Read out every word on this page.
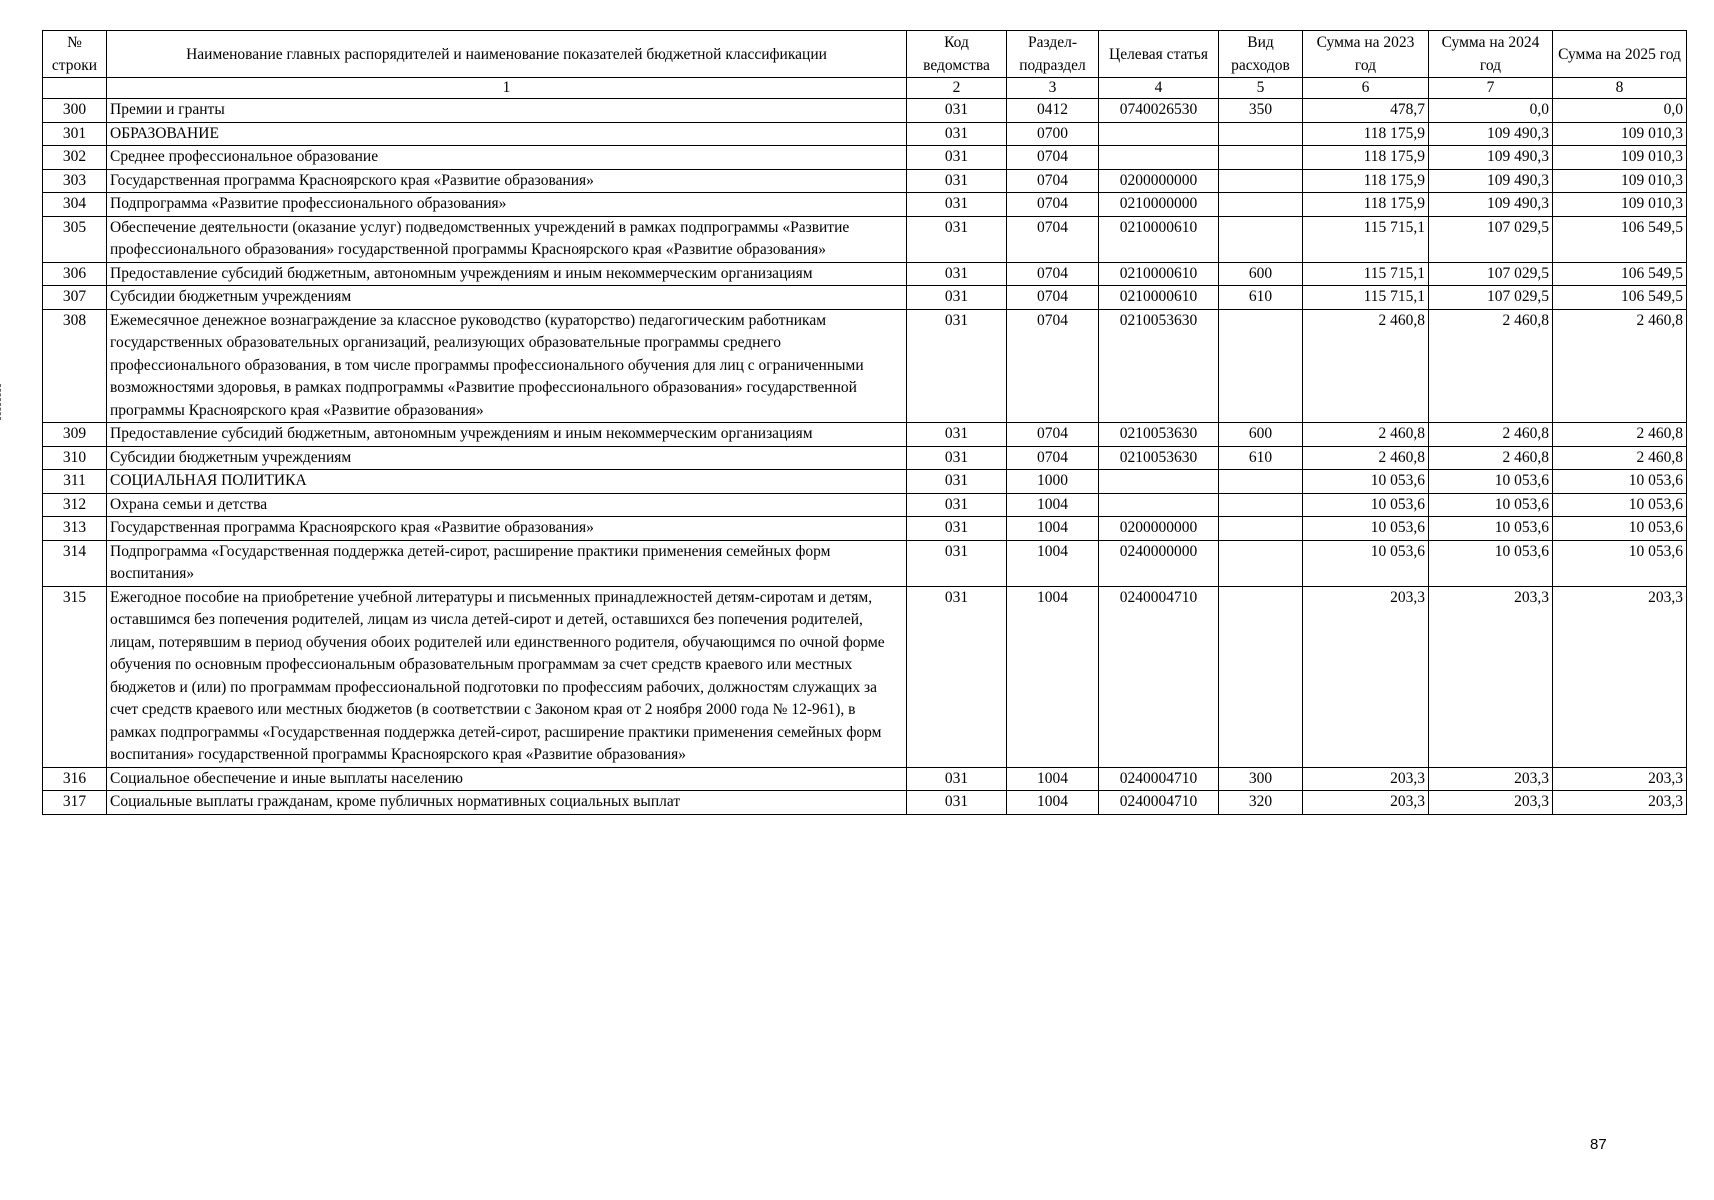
№ строки	Наименование главных распорядителей и наименование показателей бюджетной классификации	Код ведомства	Раздел-подраздел	Целевая статья	Вид расходов	Сумма на 2023 год	Сумма на 2024 год	Сумма на 2025 год
	1	2	3	4	5	6	7	8
300	Премии и гранты	031	0412	0740026530	350	478,7	0,0	0,0
301	ОБРАЗОВАНИЕ	031	0700			118 175,9	109 490,3	109 010,3
302	Среднее профессиональное образование	031	0704			118 175,9	109 490,3	109 010,3
303	Государственная программа Красноярского края «Развитие образования»	031	0704	0200000000		118 175,9	109 490,3	109 010,3
304	Подпрограмма «Развитие профессионального образования»	031	0704	0210000000		118 175,9	109 490,3	109 010,3
305	Обеспечение деятельности (оказание услуг) подведомственных учреждений в рамках подпрограммы «Развитие профессионального образования» государственной программы Красноярского края «Развитие образования»	031	0704	0210000610		115 715,1	107 029,5	106 549,5
306	Предоставление субсидий бюджетным, автономным учреждениям и иным некоммерческим организациям	031	0704	0210000610	600	115 715,1	107 029,5	106 549,5
307	Субсидии бюджетным учреждениям	031	0704	0210000610	610	115 715,1	107 029,5	106 549,5
308	Ежемесячное денежное вознаграждение за классное руководство (кураторство) педагогическим работникам государственных образовательных организаций, реализующих образовательные программы среднего профессионального образования, в том числе программы профессионального обучения для лиц с ограниченными возможностями здоровья, в рамках подпрограммы «Развитие профессионального образования» государственной программы Красноярского края «Развитие образования»	031	0704	0210053630		2 460,8	2 460,8	2 460,8
309	Предоставление субсидий бюджетным, автономным учреждениям и иным некоммерческим организациям	031	0704	0210053630	600	2 460,8	2 460,8	2 460,8
310	Субсидии бюджетным учреждениям	031	0704	0210053630	610	2 460,8	2 460,8	2 460,8
311	СОЦИАЛЬНАЯ ПОЛИТИКА	031	1000			10 053,6	10 053,6	10 053,6
312	Охрана семьи и детства	031	1004			10 053,6	10 053,6	10 053,6
313	Государственная программа Красноярского края «Развитие образования»	031	1004	0200000000		10 053,6	10 053,6	10 053,6
314	Подпрограмма «Государственная поддержка детей-сирот, расширение практики применения семейных форм воспитания»	031	1004	0240000000		10 053,6	10 053,6	10 053,6
315	Ежегодное пособие на приобретение учебной литературы и письменных принадлежностей детям-сиротам и детям, оставшимся без попечения родителей, лицам из числа детей-сирот и детей, оставшихся без попечения родителей, лицам, потерявшим в период обучения обоих родителей или единственного родителя, обучающимся по очной форме обучения по основным профессиональным образовательным программам за счет средств краевого или местных бюджетов и (или) по программам профессиональной подготовки по профессиям рабочих, должностям служащих за счет средств краевого или местных бюджетов (в соответствии с Законом края от 2 ноября 2000 года № 12-961), в рамках подпрограммы «Государственная поддержка детей-сирот, расширение практики применения семейных форм воспитания» государственной программы Красноярского края «Развитие образования»	031	1004	0240004710		203,3	203,3	203,3
316	Социальное обеспечение и иные выплаты населению	031	1004	0240004710	300	203,3	203,3	203,3
317	Социальные выплаты гражданам, кроме публичных нормативных социальных выплат	031	1004	0240004710	320	203,3	203,3	203,3
87
